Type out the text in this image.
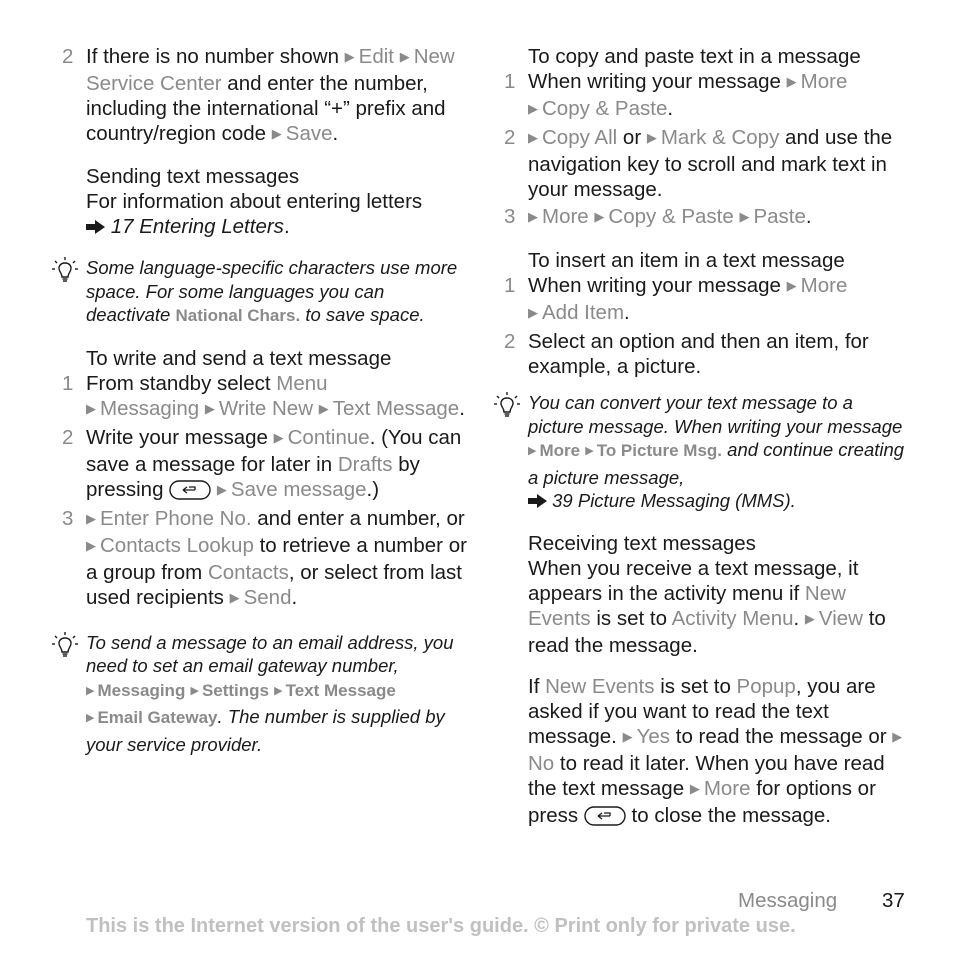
2 If there is no number shown ▶ Edit ▶ New Service Center and enter the number, including the international “+” prefix and country/region code ▶ Save.
Sending text messages
For information about entering letters
17 Entering Letters.
Some language-specific characters use more space. For some languages you can deactivate National Chars. to save space.
To write and send a text message
1 From standby select Menu
▶ Messaging ▶ Write New ▶ Text Message.
2 Write your message ▶ Continue. (You can save a message for later in Drafts by pressing	▶ Save message.)
3 ▶ Enter Phone No. and enter a number, or ▶ Contacts Lookup to retrieve a number or a group from Contacts, or select from last used recipients ▶ Send.
To send a message to an email address, you need to set an email gateway number,
▶ Messaging ▶ Settings ▶ Text Message
▶ Email Gateway. The number is supplied by your service provider.
To copy and paste text in a message
1 When writing your message ▶ More
▶ Copy & Paste.
2 ▶ Copy All or ▶ Mark & Copy and use the navigation key to scroll and mark text in your message.
3 ▶ More ▶ Copy & Paste ▶ Paste.
To insert an item in a text message
1 When writing your message ▶ More
▶ Add Item.
2 Select an option and then an item, for example, a picture.
You can convert your text message to a picture message. When writing your message ▶ More ▶ To Picture Msg. and continue creating a picture message,
39 Picture Messaging (MMS).
Receiving text messages
When you receive a text message, it appears in the activity menu if New Events is set to Activity Menu. ▶ View to read the message.
If New Events is set to Popup, you are asked if you want to read the text message. ▶ Yes to read the message or ▶No to read it later. When you have read the text message ▶ More for options or press	to close the message.
Messaging 37
This is the Internet version of the user's guide. © Print only for private use.
